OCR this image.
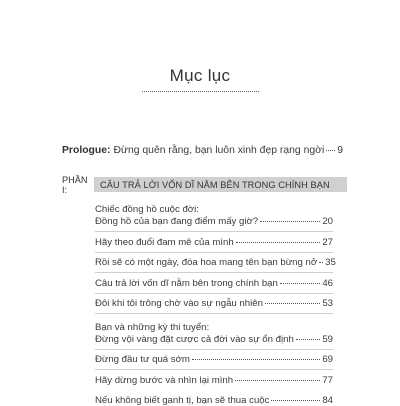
Mục lục
Prologue: Đừng quên rằng, bạn luôn xinh đẹp rạng ngời 9
PHẦN I:	CÂU TRẢ LỜI VỐN DĨ NẰM BÊN TRONG CHÍNH BẠN
Chiếc đồng hồ cuộc đời:
Đồng hồ của bạn đang điểm mấy giờ?	20
Hãy theo đuổi đam mê của mình	27
Rồi sẽ có một ngày, đóa hoa mang tên bạn bừng nở 35
Câu trả lời vốn dĩ nằm bên trong chính bạn	46
Đôi khi tôi trông chờ vào sự ngẫu nhiên	53
Bạn và những kỳ thi tuyển:
Đừng vội vàng đặt cược cả đời vào sự ổn định	59
Đừng đầu tư quá sớm	69
Hãy dừng bước và nhìn lại mình	77
Nếu không biết ganh tị, bạn sẽ thua cuộc	84
